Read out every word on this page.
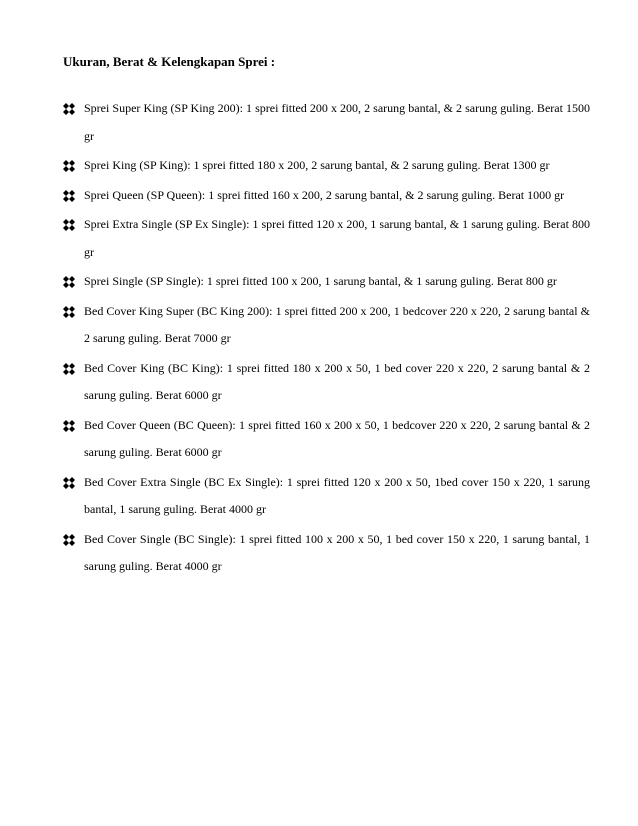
Ukuran, Berat & Kelengkapan Sprei :
Sprei Super King (SP King 200): 1 sprei fitted 200 x 200, 2 sarung bantal, & 2 sarung guling. Berat 1500 gr
Sprei King (SP King): 1 sprei fitted 180 x 200, 2 sarung bantal, & 2 sarung guling. Berat 1300 gr
Sprei Queen (SP Queen): 1 sprei fitted 160 x 200, 2 sarung bantal, & 2 sarung guling. Berat 1000 gr
Sprei Extra Single (SP Ex Single): 1 sprei fitted 120 x 200, 1 sarung bantal, & 1 sarung guling. Berat 800 gr
Sprei Single (SP Single): 1 sprei fitted 100 x 200, 1 sarung bantal, & 1 sarung guling. Berat 800 gr
Bed Cover King Super (BC King 200): 1 sprei fitted 200 x 200, 1 bedcover 220 x 220, 2 sarung bantal & 2 sarung guling. Berat 7000 gr
Bed Cover King (BC King): 1 sprei fitted 180 x 200 x 50, 1 bed cover 220 x 220, 2 sarung bantal & 2 sarung guling. Berat 6000 gr
Bed Cover Queen (BC Queen): 1 sprei fitted 160 x 200 x 50, 1 bedcover 220 x 220, 2 sarung bantal & 2 sarung guling. Berat 6000 gr
Bed Cover Extra Single (BC Ex Single): 1 sprei fitted 120 x 200 x 50, 1bed cover 150 x 220, 1 sarung bantal, 1 sarung guling. Berat 4000 gr
Bed Cover Single (BC Single): 1 sprei fitted 100 x 200 x 50, 1 bed cover 150 x 220, 1 sarung bantal, 1 sarung guling. Berat 4000 gr
